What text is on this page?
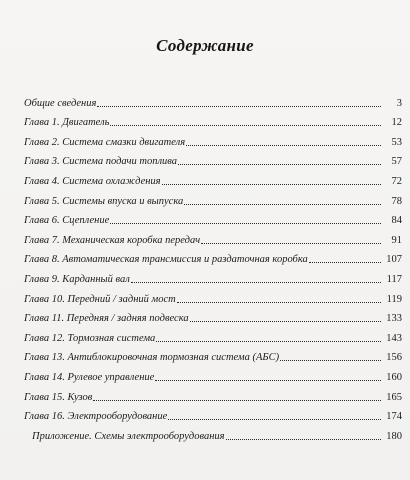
Содержание
Общие сведения	3
Глава 1. Двигатель	12
Глава 2. Система смазки двигателя	53
Глава 3. Система подачи топлива	57
Глава 4. Система охлаждения	72
Глава 5. Системы впуска и выпуска	78
Глава 6. Сцепление	84
Глава 7. Механическая коробка передач	91
Глава 8. Автоматическая трансмиссия и раздаточная коробка	107
Глава 9. Карданный вал	117
Глава 10. Передний / задний мост	119
Глава 11. Передняя / задняя подвеска	133
Глава 12. Тормозная система	143
Глава 13. Антиблокировочная тормозная система (АБС)	156
Глава 14. Рулевое управление	160
Глава 15. Кузов	165
Глава 16. Электрооборудование	174
Приложение. Схемы электрооборудования	180
